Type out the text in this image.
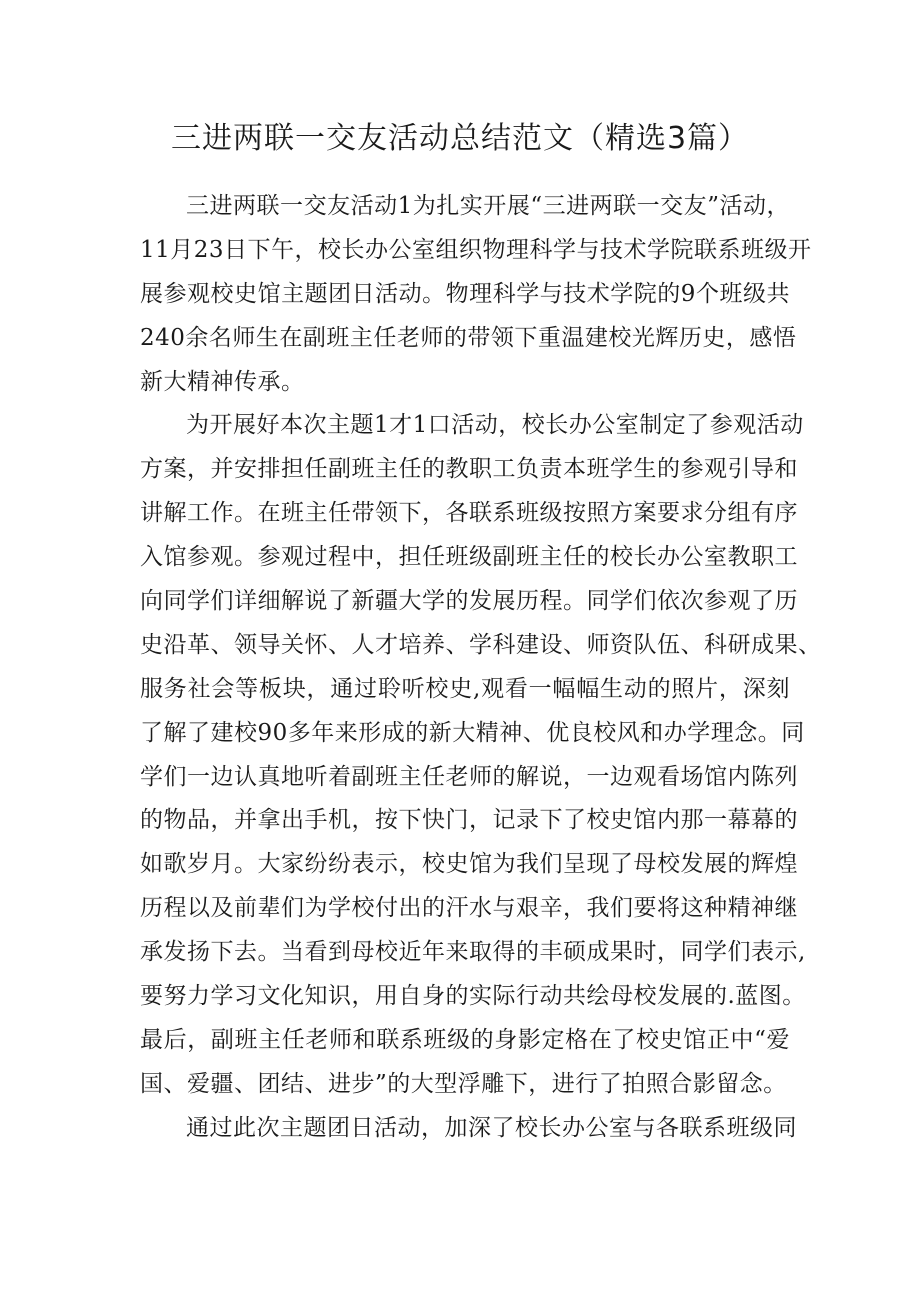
三进两联一交友活动总结范文（精选3篇）
三进两联一交友活动1为扎实开展“三进两联一交友”活动，
11月23日下午，校长办公室组织物理科学与技术学院联系班级开
展参观校史馆主题团日活动。物理科学与技术学院的9个班级共
240余名师生在副班主任老师的带领下重温建校光辉历史，感悟
新大精神传承。
为开展好本次主题1才1口活动，校长办公室制定了参观活动
方案，并安排担任副班主任的教职工负责本班学生的参观引导和
讲解工作。在班主任带领下，各联系班级按照方案要求分组有序
入馆参观。参观过程中，担任班级副班主任的校长办公室教职工
向同学们详细解说了新疆大学的发展历程。同学们依次参观了历
史沿革、领导关怀、人才培养、学科建设、师资队伍、科研成果、
服务社会等板块，通过聆听校史,观看一幅幅生动的照片，深刻
了解了建校90多年来形成的新大精神、优良校风和办学理念。同
学们一边认真地听着副班主任老师的解说，一边观看场馆内陈列
的物品，并拿出手机，按下快门，记录下了校史馆内那一幕幕的
如歌岁月。大家纷纷表示，校史馆为我们呈现了母校发展的辉煌
历程以及前辈们为学校付出的汗水与艰辛，我们要将这种精神继
承发扬下去。当看到母校近年来取得的丰硕成果时，同学们表示,
要努力学习文化知识，用自身的实际行动共绘母校发展的.蓝图。
最后，副班主任老师和联系班级的身影定格在了校史馆正中“爱
国、爱疆、团结、进步”的大型浮雕下，进行了拍照合影留念。
通过此次主题团日活动，加深了校长办公室与各联系班级同
